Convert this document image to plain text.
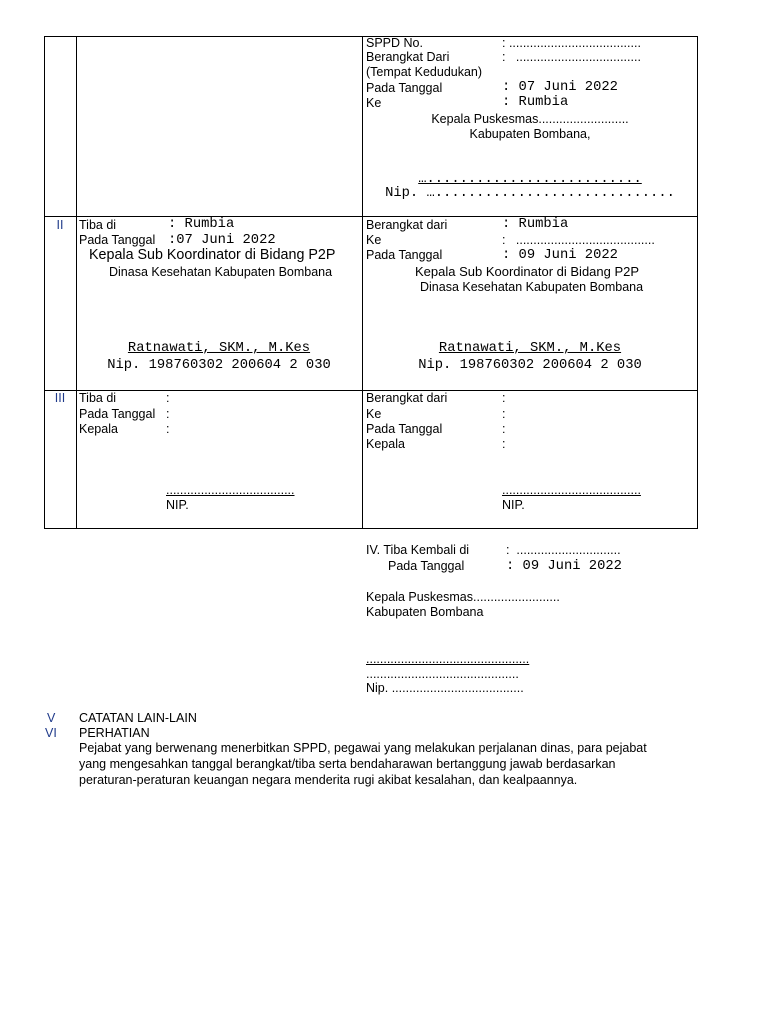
SPPD No.	: ......................................
Berangkat Dari	:   ....................................
(Tempat Kedudukan)
Pada Tanggal	: 07 Juni 2022
Ke	: Rumbia
Kepala Puskesmas..........................
Kabupaten Bombana,
…..........................
Nip. ….............................
II	Tiba di	: Rumbia
Pada Tanggal :07 Juni 2022
Kepala Sub Koordinator di Bidang P2P
Dinasa Kesehatan Kabupaten Bombana
Ratnawati, SKM., M.Kes
Nip. 198760302 200604 2 030
Berangkat dari	: Rumbia
Ke	:   ........................................
Pada Tanggal	: 09 Juni 2022
Kepala Sub Koordinator di Bidang P2P
Dinasa Kesehatan Kabupaten Bombana
Ratnawati, SKM., M.Kes
Nip. 198760302 200604 2 030
III	Tiba di	:
Pada Tanggal :
Kepala	:
.....................................
NIP.
Berangkat dari	:
Ke	:
Pada Tanggal	:
Kepala	:
........................................
NIP.
IV. Tiba Kembali di	:  ..............................
Pada Tanggal	: 09 Juni 2022
Kepala Puskesmas.........................
Kabupaten Bombana
...............................................
............................................
Nip. ......................................
V CATATAN LAIN-LAIN
VI PERHATIAN
Pejabat yang berwenang menerbitkan SPPD, pegawai yang melakukan perjalanan dinas, para pejabat
yang mengesahkan tanggal berangkat/tiba serta bendaharawan bertanggung jawab berdasarkan
peraturan-peraturan keuangan negara menderita rugi akibat kesalahan, dan kealpaannya.
